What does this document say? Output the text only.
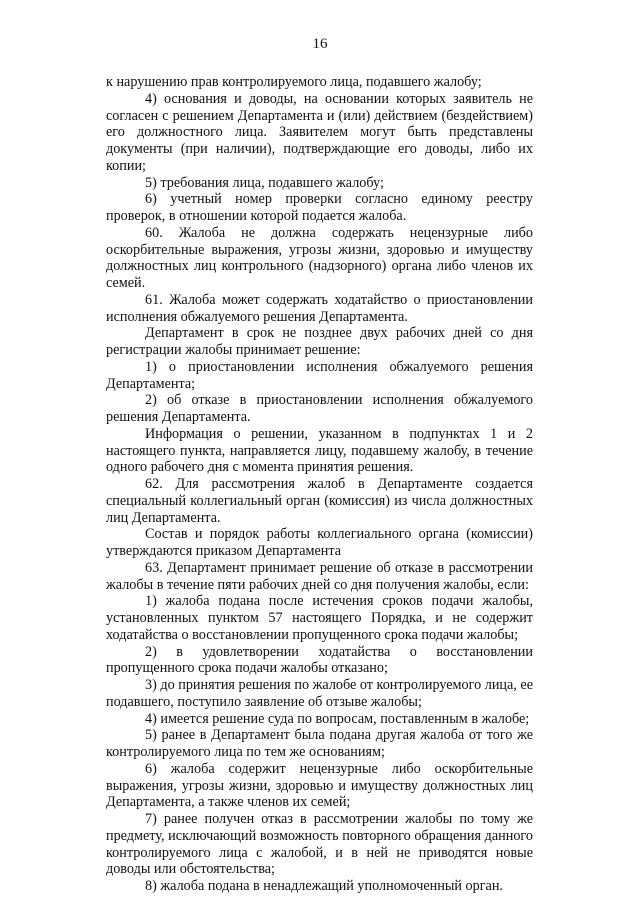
16

к нарушению прав контролируемого лица, подавшего жалобу;

4) основания и доводы, на основании которых заявитель не согласен с решением Департамента и (или) действием (бездействием) его должностного лица. Заявителем могут быть представлены документы (при наличии), подтверждающие его доводы, либо их копии;

5) требования лица, подавшего жалобу;

6) учетный номер проверки согласно единому реестру проверок, в отношении которой подается жалоба.

60. Жалоба не должна содержать нецензурные либо оскорбительные выражения, угрозы жизни, здоровью и имуществу должностных лиц контрольного (надзорного) органа либо членов их семей.

61. Жалоба может содержать ходатайство о приостановлении исполнения обжалуемого решения Департамента.

Департамент в срок не позднее двух рабочих дней со дня регистрации жалобы принимает решение:

1) о приостановлении исполнения обжалуемого решения Департамента;

2) об отказе в приостановлении исполнения обжалуемого решения Департамента.

Информация о решении, указанном в подпунктах 1 и 2 настоящего пункта, направляется лицу, подавшему жалобу, в течение одного рабочего дня с момента принятия решения.

62. Для рассмотрения жалоб в Департаменте создается специальный коллегиальный орган (комиссия) из числа должностных лиц Департамента.

Состав и порядок работы коллегиального органа (комиссии) утверждаются приказом Департамента

63. Департамент принимает решение об отказе в рассмотрении жалобы в течение пяти рабочих дней со дня получения жалобы, если:

1) жалоба подана после истечения сроков подачи жалобы, установленных пунктом 57 настоящего Порядка, и не содержит ходатайства о восстановлении пропущенного срока подачи жалобы;

2) в удовлетворении ходатайства о восстановлении пропущенного срока подачи жалобы отказано;

3) до принятия решения по жалобе от контролируемого лица, ее подавшего, поступило заявление об отзыве жалобы;

4) имеется решение суда по вопросам, поставленным в жалобе;

5) ранее в Департамент была подана другая жалоба от того же контролируемого лица по тем же основаниям;

6) жалоба содержит нецензурные либо оскорбительные выражения, угрозы жизни, здоровью и имуществу должностных лиц Департамента, а также членов их семей;

7) ранее получен отказ в рассмотрении жалобы по тому же предмету, исключающий возможность повторного обращения данного контролируемого лица с жалобой, и в ней не приводятся новые доводы или обстоятельства;

8) жалоба подана в ненадлежащий уполномоченный орган.
